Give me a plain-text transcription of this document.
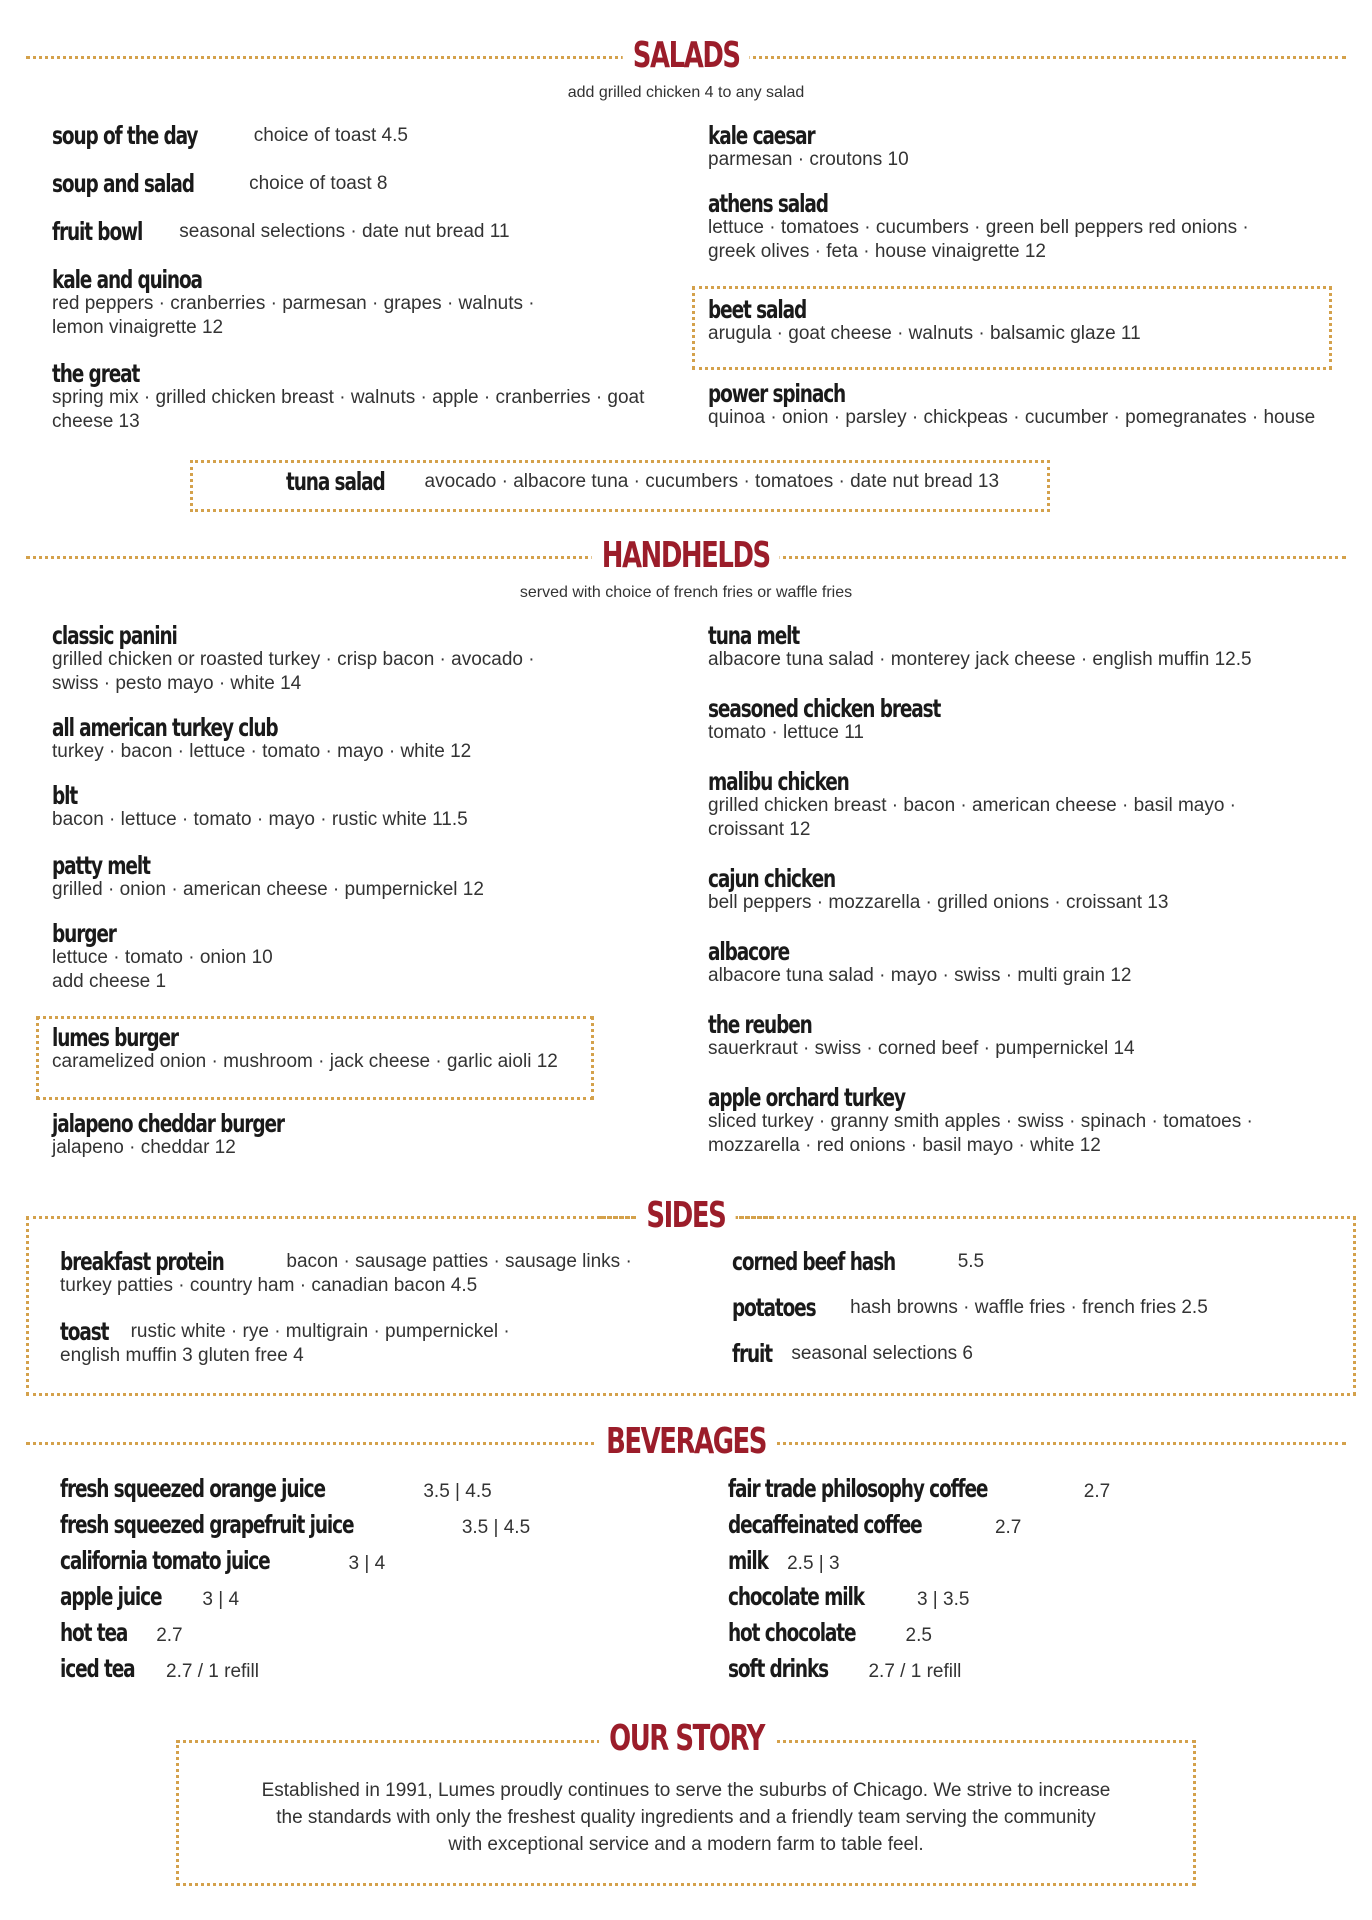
SALADS
add grilled chicken 4 to any salad
soup of the day	choice of toast 4.5
soup and salad	choice of toast 8
fruit bowl seasonal selections · date nut bread 11
kale and quinoa
red peppers · cranberries · parmesan · grapes · walnuts · lemon vinaigrette 12
the great
spring mix · grilled chicken breast · walnuts · apple · cranberries · goat cheese 13
kale caesar
parmesan · croutons 10
athens salad
lettuce · tomatoes · cucumbers · green bell peppers red onions · greek olives · feta · house vinaigrette 12
beet salad
arugula · goat cheese · walnuts · balsamic glaze 11
power spinach
quinoa · onion · parsley · chickpeas · cucumber · pomegranates · house
tuna salad avocado · albacore tuna · cucumbers · tomatoes · date nut bread 13
HANDHELDS
served with choice of french fries or waffle fries
classic panini
grilled chicken or roasted turkey · crisp bacon · avocado · swiss · pesto mayo · white 14
all american turkey club
turkey · bacon · lettuce · tomato · mayo · white 12
blt
bacon · lettuce · tomato · mayo · rustic white 11.5
patty melt
grilled · onion · american cheese · pumpernickel 12
burger
lettuce · tomato · onion 10
add cheese 1
lumes burger
caramelized onion · mushroom · jack cheese · garlic aioli 12
jalapeno cheddar burger
jalapeno · cheddar 12
tuna melt
albacore tuna salad · monterey jack cheese · english muffin 12.5
seasoned chicken breast
tomato · lettuce 11
malibu chicken
grilled chicken breast · bacon · american cheese · basil mayo · croissant 12
cajun chicken
bell peppers · mozzarella · grilled onions · croissant 13
albacore
albacore tuna salad · mayo · swiss · multi grain 12
the reuben
sauerkraut · swiss · corned beef · pumpernickel 14
apple orchard turkey
sliced turkey · granny smith apples · swiss · spinach · tomatoes · mozzarella · red onions · basil mayo · white 12
SIDES
breakfast protein	bacon · sausage patties · sausage links ·
turkey patties · country ham · canadian bacon 4.5
toast rustic white · rye · multigrain · pumpernickel ·
english muffin 3 gluten free 4
corned beef hash	5.5
potatoes hash browns · waffle fries · french fries 2.5
fruit seasonal selections 6
BEVERAGES
fresh squeezed orange juice	3.5 | 4.5
fresh squeezed grapefruit juice	3.5 | 4.5
california tomato juice	3 | 4
apple juice 3 | 4
hot tea 2.7
iced tea 2.7 / 1 refill
fair trade philosophy coffee	2.7
decaffeinated coffee	2.7
milk 2.5 | 3
chocolate milk	3 | 3.5
hot chocolate	2.5
soft drinks 2.7 / 1 refill
OUR STORY
Established in 1991, Lumes proudly continues to serve the suburbs of Chicago. We strive to increase the standards with only the freshest quality ingredients and a friendly team serving the community with exceptional service and a modern farm to table feel.
